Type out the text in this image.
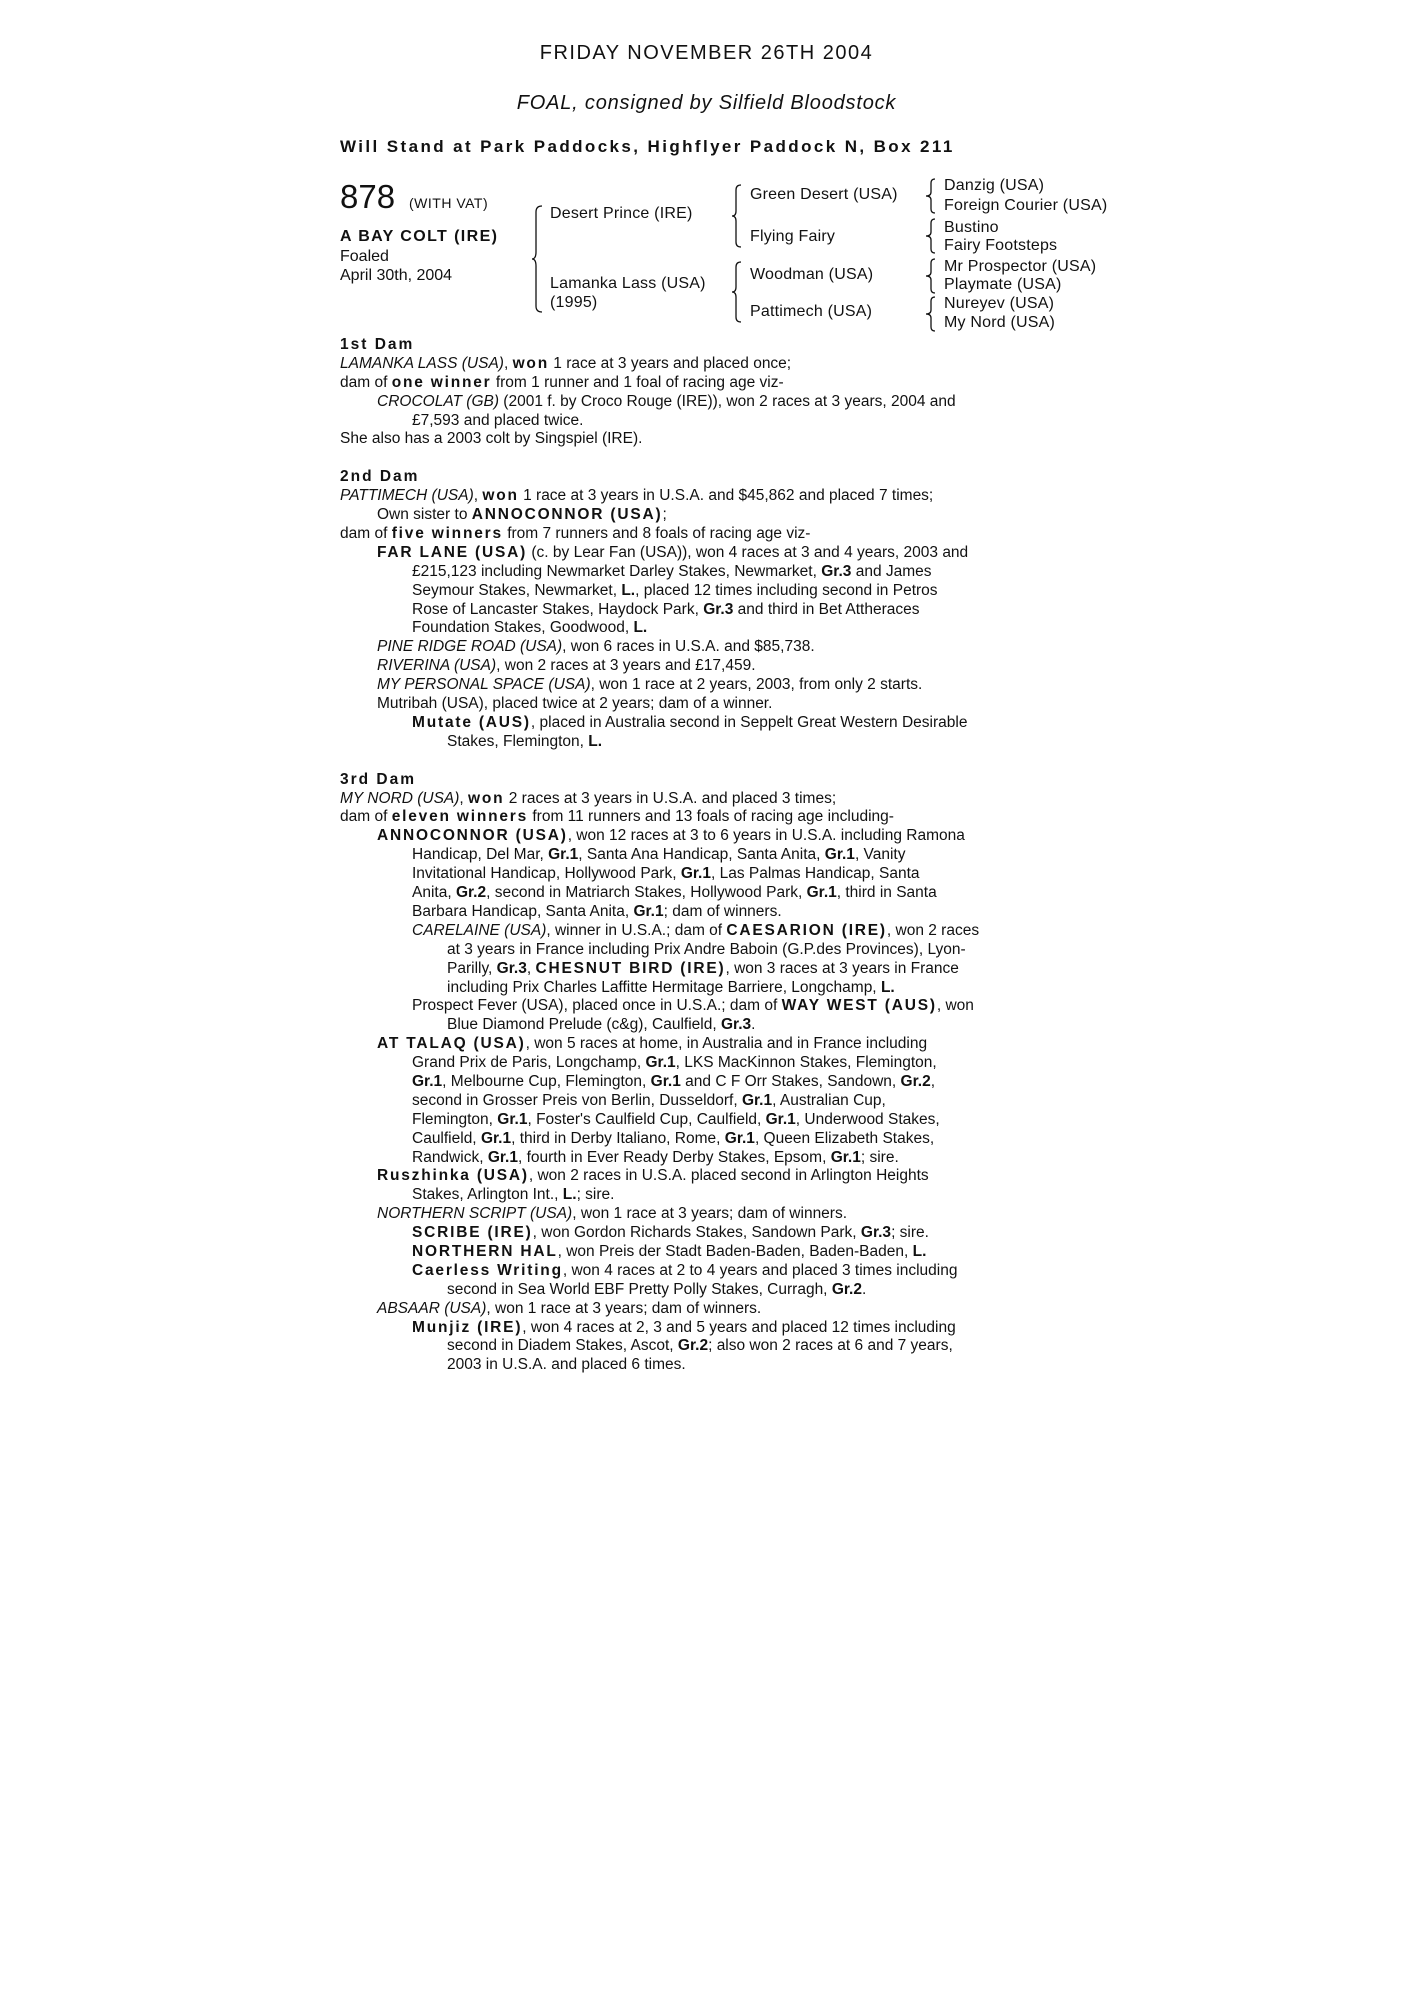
FRIDAY NOVEMBER 26TH 2004
FOAL, consigned by Silfield Bloodstock
Will Stand at Park Paddocks, Highflyer Paddock N, Box 211
878 (WITH VAT)
A BAY COLT (IRE)
Foaled
April 30th, 2004
Desert Prince (IRE)
Lamanka Lass (USA)
(1995)
Green Desert (USA)
Flying Fairy
Woodman (USA)
Pattimech (USA)
Danzig (USA)
Foreign Courier (USA)
Bustino
Fairy Footsteps
Mr Prospector (USA)
Playmate (USA)
Nureyev (USA)
My Nord (USA)
1st Dam
LAMANKA LASS (USA), won 1 race at 3 years and placed once;
dam of one winner from 1 runner and 1 foal of racing age viz-
CROCOLAT (GB) (2001 f. by Croco Rouge (IRE)), won 2 races at 3 years, 2004 and
£7,593 and placed twice.
She also has a 2003 colt by Singspiel (IRE).
2nd Dam
PATTIMECH (USA), won 1 race at 3 years in U.S.A. and $45,862 and placed 7 times;
Own sister to ANNOCONNOR (USA);
dam of five winners from 7 runners and 8 foals of racing age viz-
FAR LANE (USA) (c. by Lear Fan (USA)), won 4 races at 3 and 4 years, 2003 and
£215,123 including Newmarket Darley Stakes, Newmarket, Gr.3 and James
Seymour Stakes, Newmarket, L., placed 12 times including second in Petros
Rose of Lancaster Stakes, Haydock Park, Gr.3 and third in Bet Attheraces
Foundation Stakes, Goodwood, L.
PINE RIDGE ROAD (USA), won 6 races in U.S.A. and $85,738.
RIVERINA (USA), won 2 races at 3 years and £17,459.
MY PERSONAL SPACE (USA), won 1 race at 2 years, 2003, from only 2 starts.
Mutribah (USA), placed twice at 2 years; dam of a winner.
Mutate (AUS), placed in Australia second in Seppelt Great Western Desirable
Stakes, Flemington, L.
3rd Dam
MY NORD (USA), won 2 races at 3 years in U.S.A. and placed 3 times;
dam of eleven winners from 11 runners and 13 foals of racing age including-
ANNOCONNOR (USA), won 12 races at 3 to 6 years in U.S.A. including Ramona
Handicap, Del Mar, Gr.1, Santa Ana Handicap, Santa Anita, Gr.1, Vanity
Invitational Handicap, Hollywood Park, Gr.1, Las Palmas Handicap, Santa
Anita, Gr.2, second in Matriarch Stakes, Hollywood Park, Gr.1, third in Santa
Barbara Handicap, Santa Anita, Gr.1; dam of winners.
CARELAINE (USA), winner in U.S.A.; dam of CAESARION (IRE), won 2 races
at 3 years in France including Prix Andre Baboin (G.P.des Provinces), Lyon-
Parilly, Gr.3, CHESNUT BIRD (IRE), won 3 races at 3 years in France
including Prix Charles Laffitte Hermitage Barriere, Longchamp, L.
Prospect Fever (USA), placed once in U.S.A.; dam of WAY WEST (AUS), won
Blue Diamond Prelude (c&g), Caulfield, Gr.3.
AT TALAQ (USA), won 5 races at home, in Australia and in France including
Grand Prix de Paris, Longchamp, Gr.1, LKS MacKinnon Stakes, Flemington,
Gr.1, Melbourne Cup, Flemington, Gr.1 and C F Orr Stakes, Sandown, Gr.2,
second in Grosser Preis von Berlin, Dusseldorf, Gr.1, Australian Cup,
Flemington, Gr.1, Foster's Caulfield Cup, Caulfield, Gr.1, Underwood Stakes,
Caulfield, Gr.1, third in Derby Italiano, Rome, Gr.1, Queen Elizabeth Stakes,
Randwick, Gr.1, fourth in Ever Ready Derby Stakes, Epsom, Gr.1; sire.
Ruszhinka (USA), won 2 races in U.S.A. placed second in Arlington Heights
Stakes, Arlington Int., L.; sire.
NORTHERN SCRIPT (USA), won 1 race at 3 years; dam of winners.
SCRIBE (IRE), won Gordon Richards Stakes, Sandown Park, Gr.3; sire.
NORTHERN HAL, won Preis der Stadt Baden-Baden, Baden-Baden, L.
Caerless Writing, won 4 races at 2 to 4 years and placed 3 times including
second in Sea World EBF Pretty Polly Stakes, Curragh, Gr.2.
ABSAAR (USA), won 1 race at 3 years; dam of winners.
Munjiz (IRE), won 4 races at 2, 3 and 5 years and placed 12 times including
second in Diadem Stakes, Ascot, Gr.2; also won 2 races at 6 and 7 years,
2003 in U.S.A. and placed 6 times.
